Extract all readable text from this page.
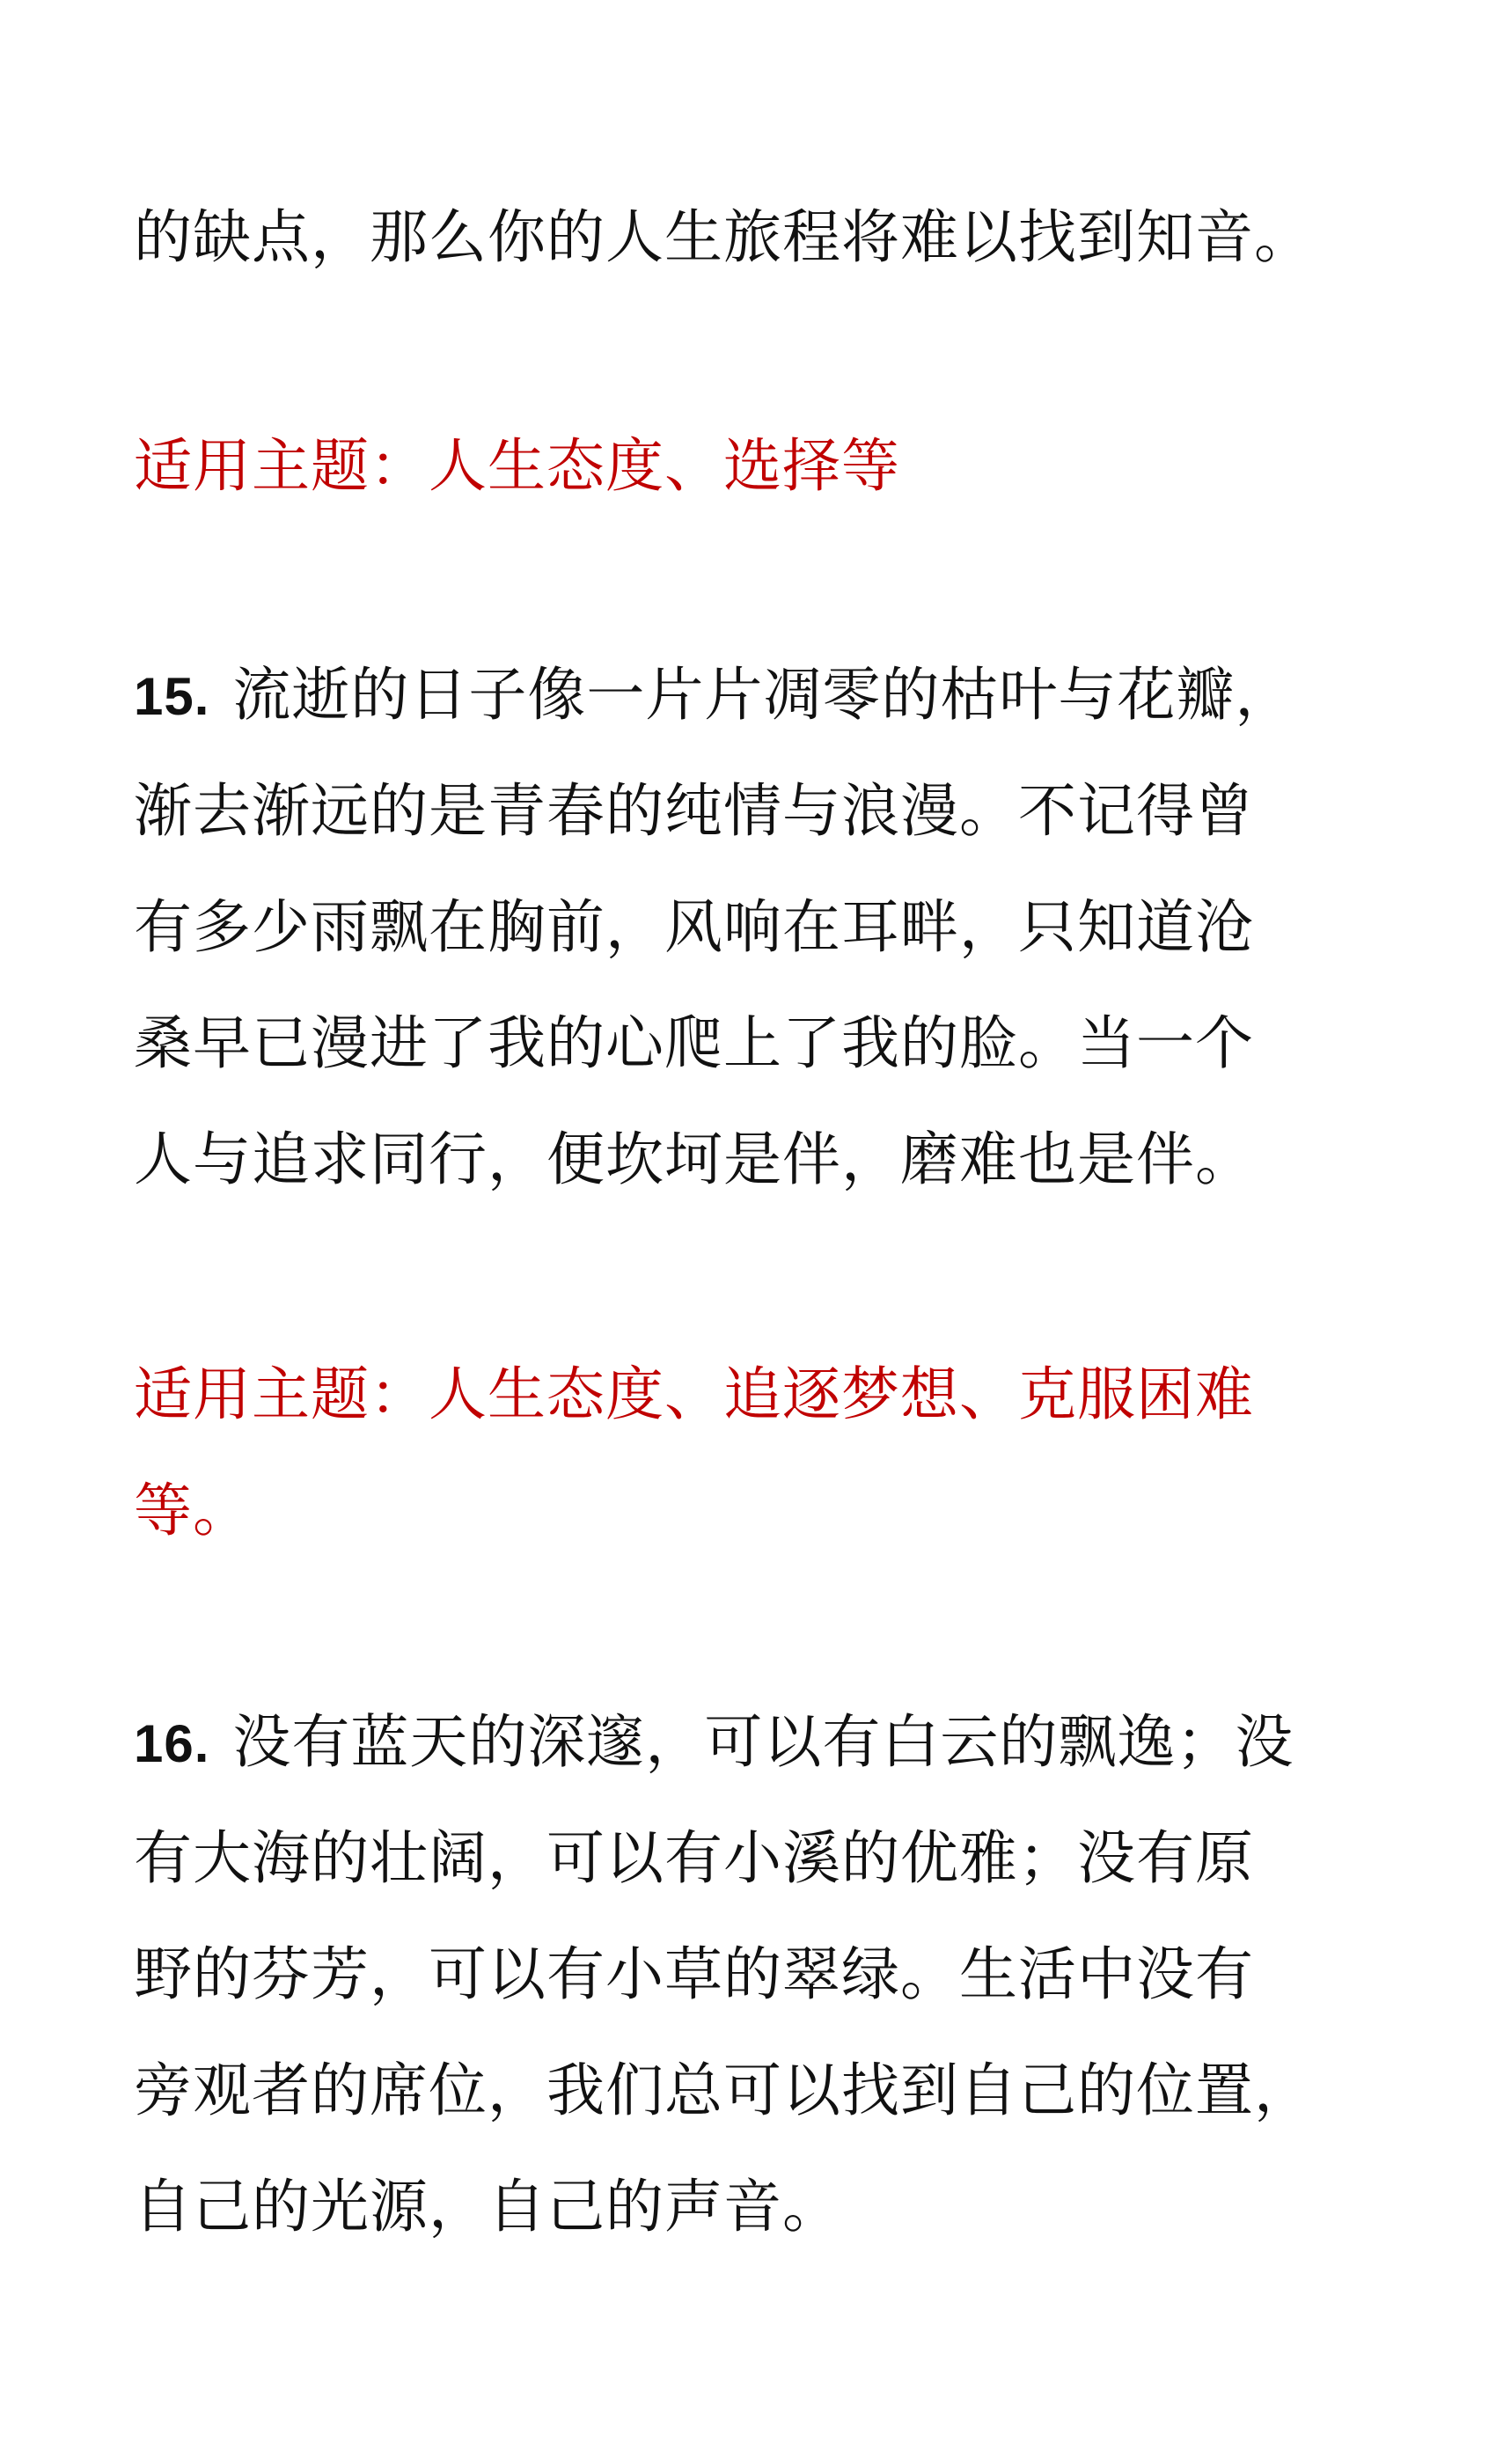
的缺点，那么你的人生旅程将难以找到知音。
适用主题：人生态度、选择等
15. 流逝的日子像一片片凋零的枯叶与花瓣，
渐去渐远的是青春的纯情与浪漫。不记得曾
有多少雨飘在胸前，风响在耳畔，只知道沧
桑早已漫进了我的心爬上了我的脸。当一个
人与追求同行，便坎坷是伴，磨难也是伴。
适用主题：人生态度、追逐梦想、克服困难
等。
16. 没有蓝天的深邃，可以有白云的飘逸；没
有大海的壮阔，可以有小溪的优雅；没有原
野的芬芳，可以有小草的翠绿。生活中没有
旁观者的席位，我们总可以找到自己的位置，
自己的光源，自己的声音。
